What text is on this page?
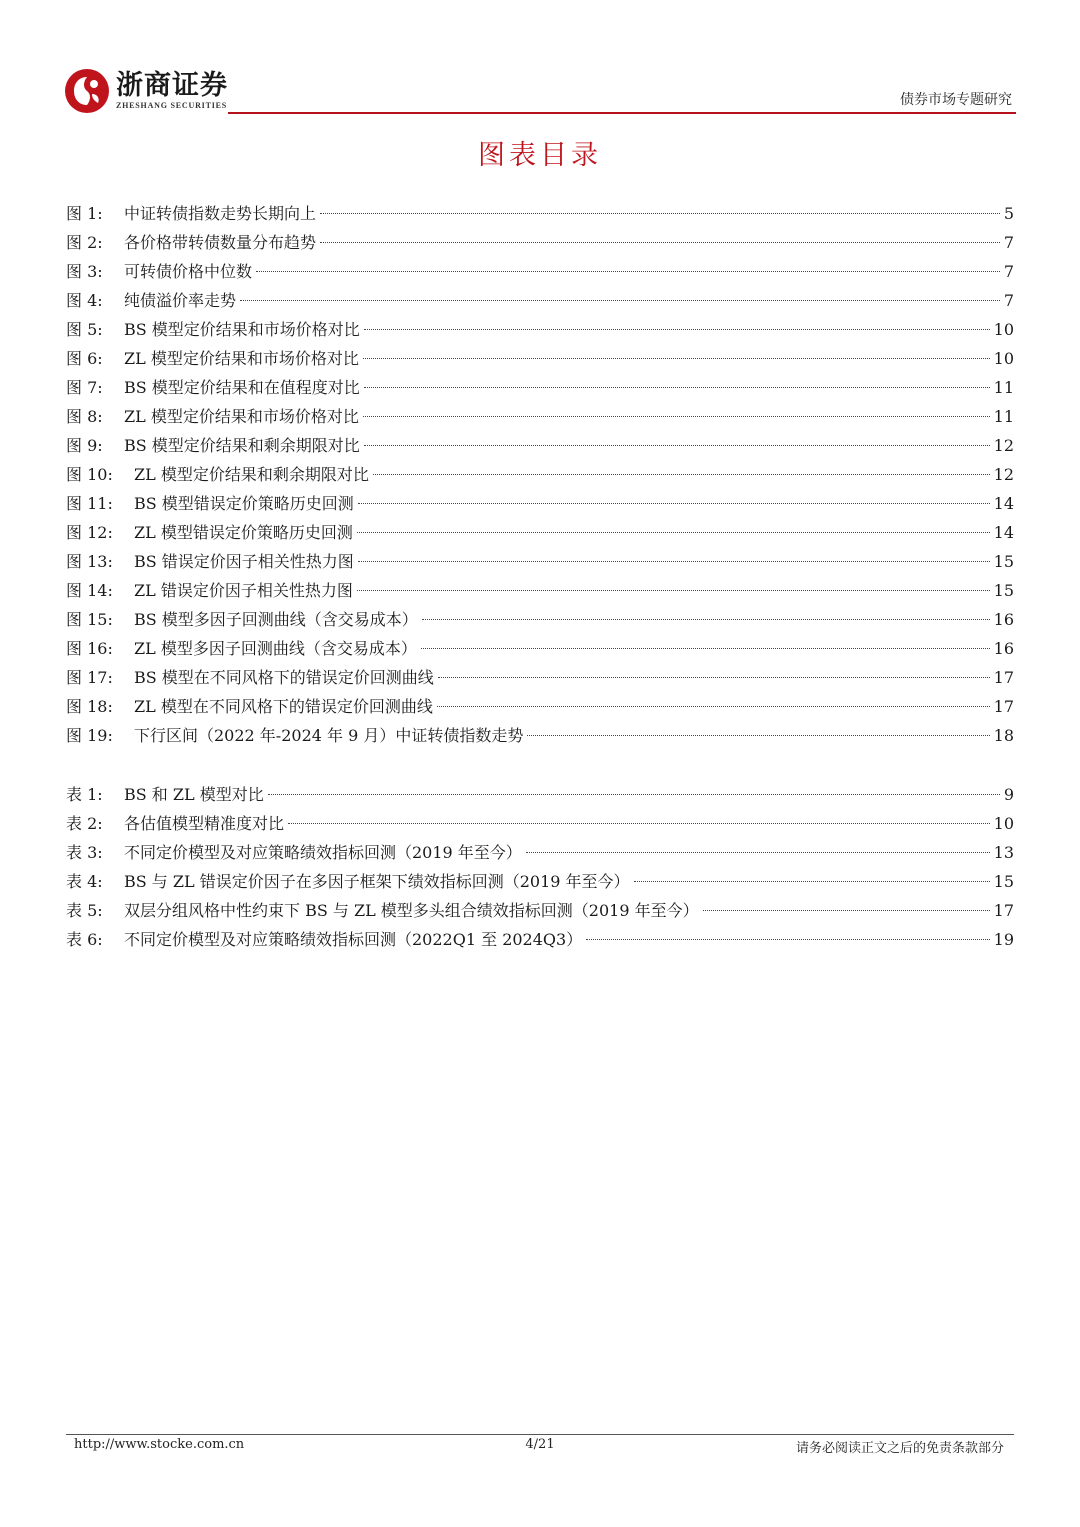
浙商证券
ZHESHANG SECURITIES	债券市场专题研究
图表目录
图 1:	中证转债指数走势长期向上	5
图 2:	各价格带转债数量分布趋势	7
图 3:	可转债价格中位数	7
图 4:	纯债溢价率走势	7
图 5:	BS 模型定价结果和市场价格对比	10
图 6:	ZL 模型定价结果和市场价格对比	10
图 7:	BS 模型定价结果和在值程度对比	11
图 8:	ZL 模型定价结果和市场价格对比	11
图 9:	BS 模型定价结果和剩余期限对比	12
图 10:	ZL 模型定价结果和剩余期限对比	12
图 11:	BS 模型错误定价策略历史回测	14
图 12:	ZL 模型错误定价策略历史回测	14
图 13:	BS 错误定价因子相关性热力图	15
图 14:	ZL 错误定价因子相关性热力图	15
图 15:	BS 模型多因子回测曲线（含交易成本）	16
图 16:	ZL 模型多因子回测曲线（含交易成本）	16
图 17:	BS 模型在不同风格下的错误定价回测曲线	17
图 18:	ZL 模型在不同风格下的错误定价回测曲线	17
图 19:	下行区间（2022 年-2024 年 9 月）中证转债指数走势	18
表 1:	BS 和 ZL 模型对比	9
表 2:	各估值模型精准度对比	10
表 3:	不同定价模型及对应策略绩效指标回测（2019 年至今）	13
表 4:	BS 与 ZL 错误定价因子在多因子框架下绩效指标回测（2019 年至今）	15
表 5:	双层分组风格中性约束下 BS 与 ZL 模型多头组合绩效指标回测（2019 年至今）	17
表 6:	不同定价模型及对应策略绩效指标回测（2022Q1 至 2024Q3）	19
http://www.stocke.com.cn	4/21	请务必阅读正文之后的免责条款部分
